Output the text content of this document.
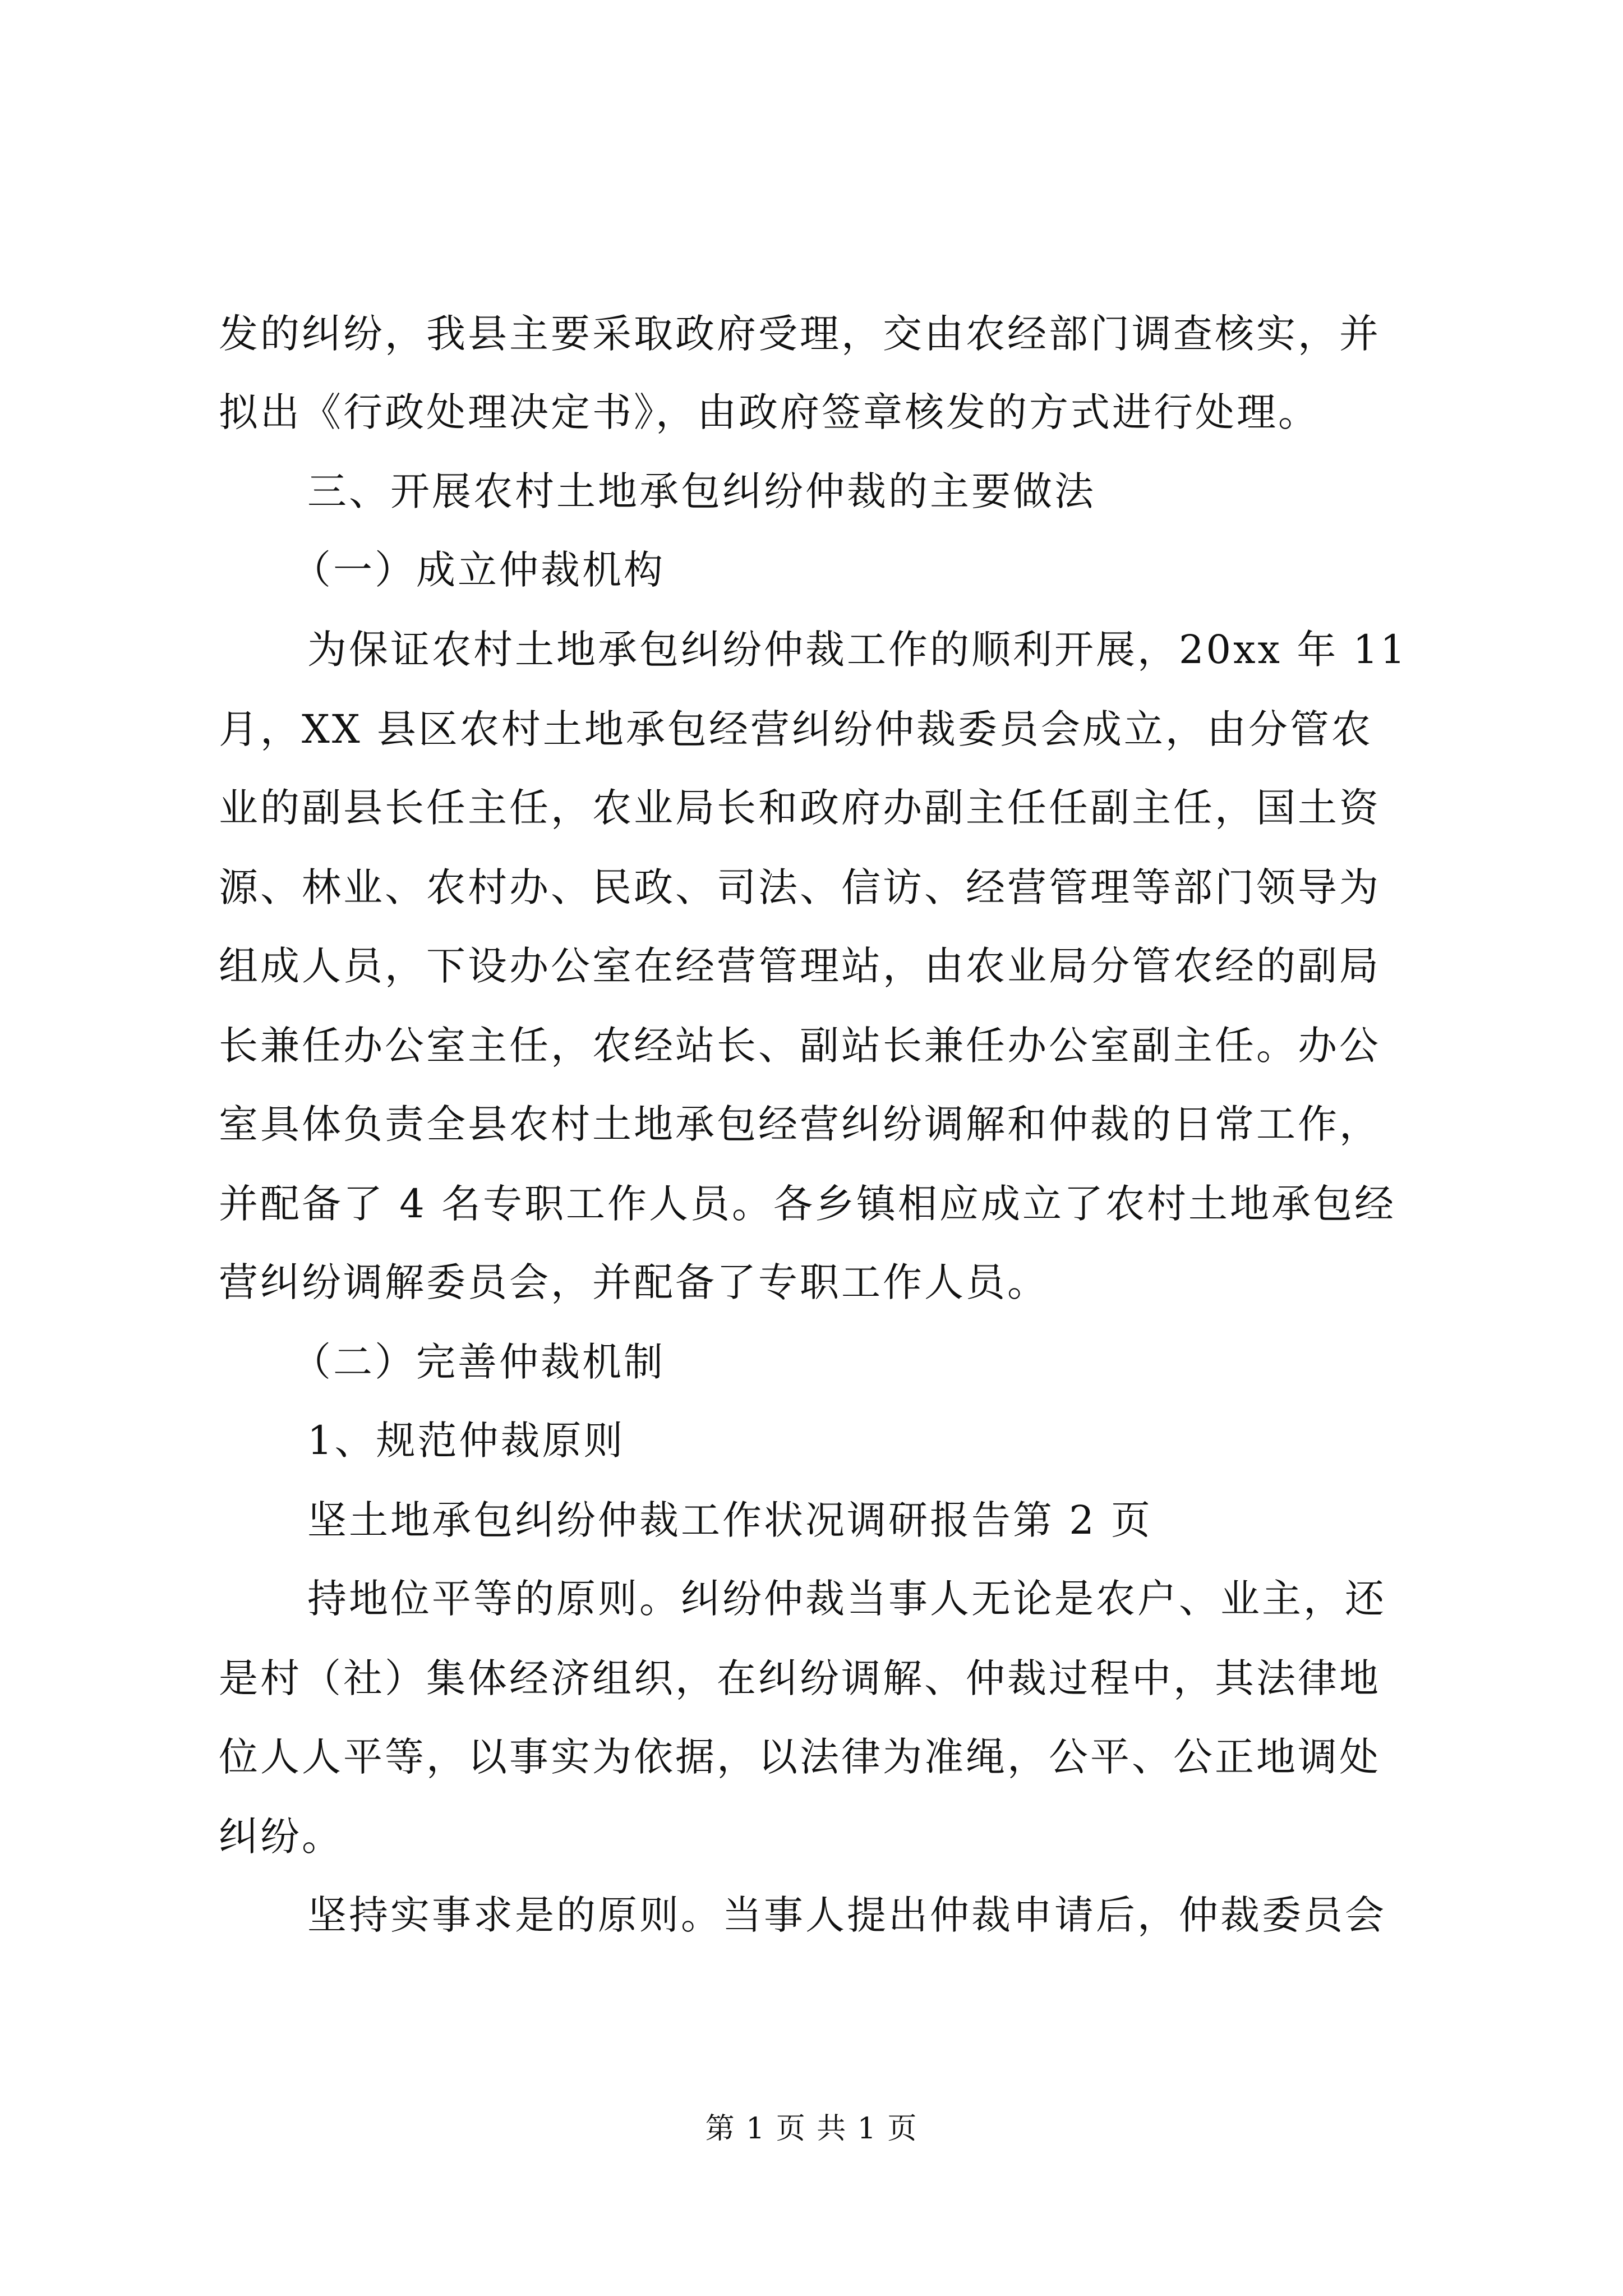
发的纠纷，我县主要采取政府受理，交由农经部门调查核实，并
拟出《行政处理决定书》，由政府签章核发的方式进行处理。
三、开展农村土地承包纠纷仲裁的主要做法
（一）成立仲裁机构
为保证农村土地承包纠纷仲裁工作的顺利开展，20xx 年 11
月，XX 县区农村土地承包经营纠纷仲裁委员会成立，由分管农
业的副县长任主任，农业局长和政府办副主任任副主任，国土资
源、林业、农村办、民政、司法、信访、经营管理等部门领导为
组成人员，下设办公室在经营管理站，由农业局分管农经的副局
长兼任办公室主任，农经站长、副站长兼任办公室副主任。办公
室具体负责全县农村土地承包经营纠纷调解和仲裁的日常工作，
并配备了 4 名专职工作人员。各乡镇相应成立了农村土地承包经
营纠纷调解委员会，并配备了专职工作人员。
（二）完善仲裁机制
1、规范仲裁原则
坚土地承包纠纷仲裁工作状况调研报告第 2 页
持地位平等的原则。纠纷仲裁当事人无论是农户、业主，还
是村（社）集体经济组织，在纠纷调解、仲裁过程中，其法律地
位人人平等，以事实为依据，以法律为准绳，公平、公正地调处
纠纷。
坚持实事求是的原则。当事人提出仲裁申请后，仲裁委员会
第 1 页 共 1 页
